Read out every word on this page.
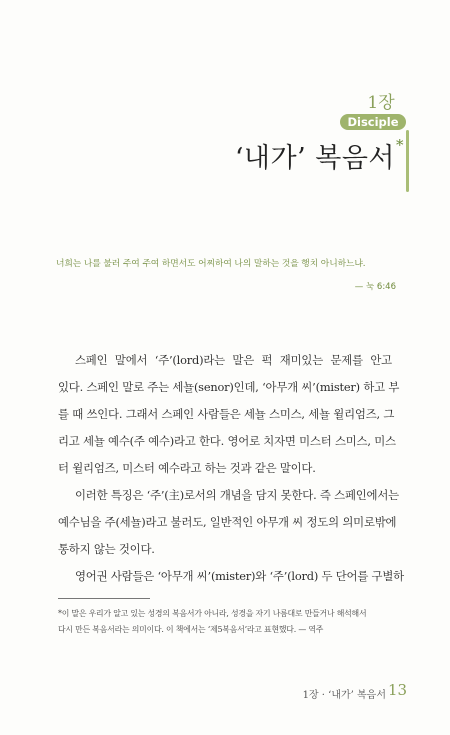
1장
Disciple
‘내가’ 복음서*
너희는 나를 불러 주여 주여 하면서도 어찌하여 나의 말하는 것을 행치 아니하느냐.
— 눅 6:46
스페인 말에서 ‘주’(lord)라는 말은 퍽 재미있는 문제를 안고
있다. 스페인 말로 주는 세뇰(senor)인데, ‘아무개 씨’(mister) 하고 부
를 때 쓰인다. 그래서 스페인 사람들은 세뇰 스미스, 세뇰 윌리엄즈, 그
리고 세뇰 예수(주 예수)라고 한다. 영어로 치자면 미스터 스미스, 미스
터 윌리엄즈, 미스터 예수라고 하는 것과 같은 말이다.
이러한 특징은 ‘주’(主)로서의 개념을 담지 못한다. 즉 스페인에서는
예수님을 주(세뇰)라고 불러도, 일반적인 아무개 씨 정도의 의미로밖에
통하지 않는 것이다.
영어권 사람들은 ‘아무개 씨’(mister)와 ‘주’(lord) 두 단어를 구별하
*이 말은 우리가 알고 있는 성경의 복음서가 아니라, 성경을 자기 나름대로 만들거나 해석해서
다시 만든 복음서라는 의미이다. 이 책에서는 ‘제5복음서’라고 표현했다. — 역주
1장 · ‘내가’ 복음서 13
